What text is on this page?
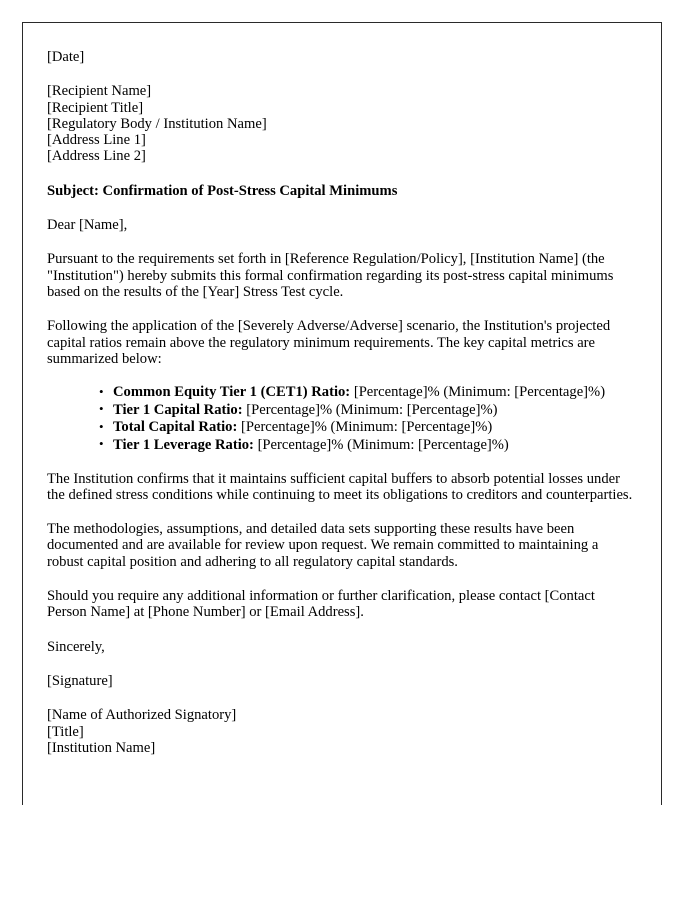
[Date]
[Recipient Name]
[Recipient Title]
[Regulatory Body / Institution Name]
[Address Line 1]
[Address Line 2]
Subject: Confirmation of Post-Stress Capital Minimums
Dear [Name],
Pursuant to the requirements set forth in [Reference Regulation/Policy], [Institution Name] (the "Institution") hereby submits this formal confirmation regarding its post-stress capital minimums based on the results of the [Year] Stress Test cycle.
Following the application of the [Severely Adverse/Adverse] scenario, the Institution's projected capital ratios remain above the regulatory minimum requirements. The key capital metrics are summarized below:
• Common Equity Tier 1 (CET1) Ratio: [Percentage]% (Minimum: [Percentage]%)
• Tier 1 Capital Ratio: [Percentage]% (Minimum: [Percentage]%)
• Total Capital Ratio: [Percentage]% (Minimum: [Percentage]%)
• Tier 1 Leverage Ratio: [Percentage]% (Minimum: [Percentage]%)
The Institution confirms that it maintains sufficient capital buffers to absorb potential losses under the defined stress conditions while continuing to meet its obligations to creditors and counterparties.
The methodologies, assumptions, and detailed data sets supporting these results have been documented and are available for review upon request. We remain committed to maintaining a robust capital position and adhering to all regulatory capital standards.
Should you require any additional information or further clarification, please contact [Contact Person Name] at [Phone Number] or [Email Address].
Sincerely,
[Signature]
[Name of Authorized Signatory]
[Title]
[Institution Name]
